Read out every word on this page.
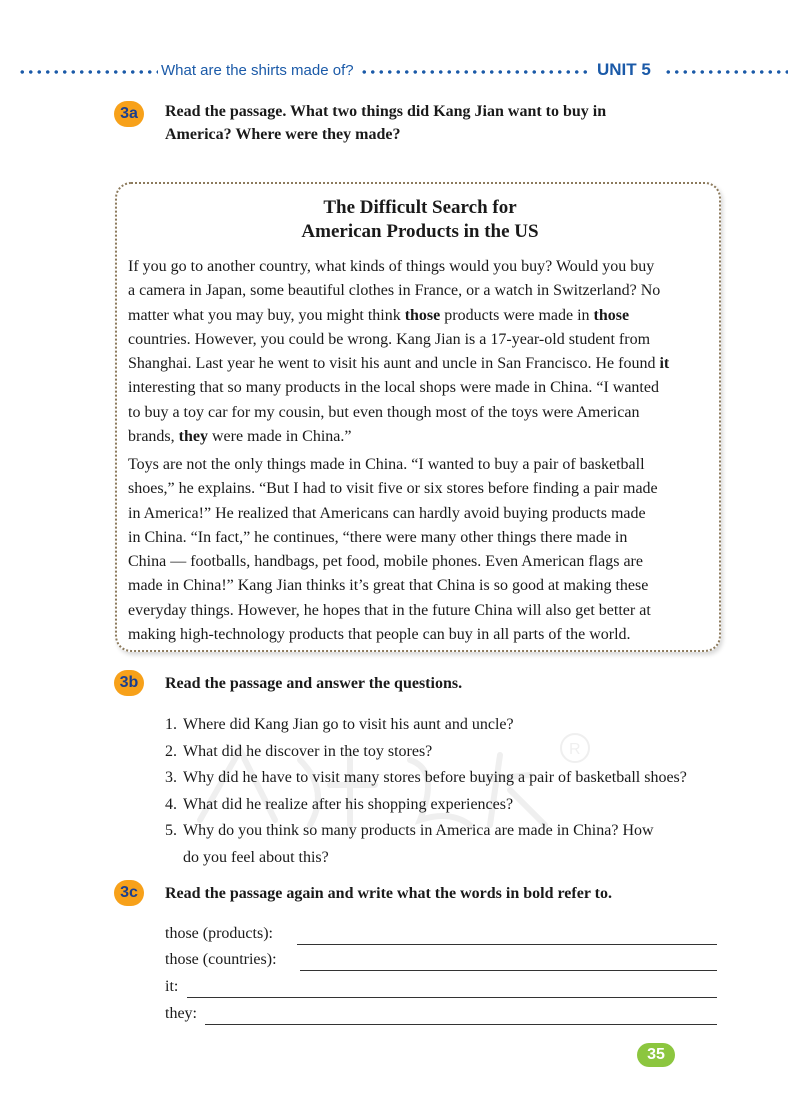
What are the shirts made of?	UNIT 5
3a	Read the passage. What two things did Kang Jian want to buy in
America? Where were they made?
The Difficult Search for
American Products in the US
If you go to another country, what kinds of things would you buy? Would you buy
a camera in Japan, some beautiful clothes in France, or a watch in Switzerland? No
matter what you may buy, you might think those products were made in those
countries. However, you could be wrong. Kang Jian is a 17-year-old student from
Shanghai. Last year he went to visit his aunt and uncle in San Francisco. He found it
interesting that so many products in the local shops were made in China. “I wanted
to buy a toy car for my cousin, but even though most of the toys were American
brands, they were made in China.”
Toys are not the only things made in China. “I wanted to buy a pair of basketball
shoes,” he explains. “But I had to visit five or six stores before finding a pair made
in America!” He realized that Americans can hardly avoid buying products made
in China. “In fact,” he continues, “there were many other things there made in
China — footballs, handbags, pet food, mobile phones. Even American flags are
made in China!” Kang Jian thinks it’s great that China is so good at making these
everyday things. However, he hopes that in the future China will also get better at
making high-technology products that people can buy in all parts of the world.
3b	Read the passage and answer the questions.
R
1. Where did Kang Jian go to visit his aunt and uncle?
2. What did he discover in the toy stores?
3. Why did he have to visit many stores before buying a pair of basketball shoes?
4. What did he realize after his shopping experiences?
5. Why do you think so many products in America are made in China? How
do you feel about this?
3c	Read the passage again and write what the words in bold refer to.
those (products):
those (countries):
it:
they:
35
